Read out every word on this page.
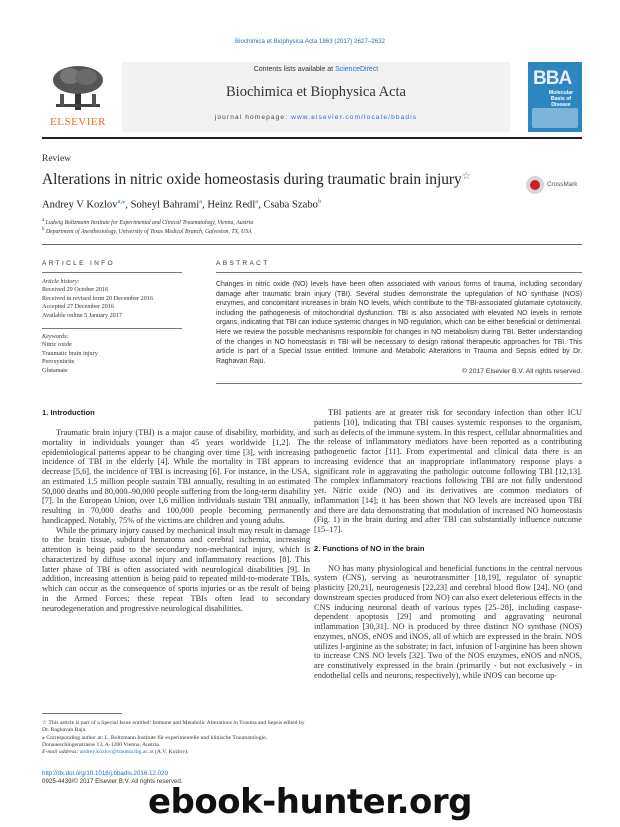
Biochimica et Biophysica Acta 1863 (2017) 2627–2632
ELSEVIER
Contents lists available at ScienceDirect
Biochimica et Biophysica Acta
journal homepage: www.elsevier.com/locate/bbadis
BBA
Molecular Basis of Disease
Review
Alterations in nitric oxide homeostasis during traumatic brain injury☆
CrossMark
Andrey V Kozlov$^{a,⁎}$, Soheyl Bahrami$^a$, Heinz Redl$^a$, Csaba Szabo$^b$
$^a$ Ludwig Boltzmann Institute for Experimental and Clinical Traumatology, Vienna, Austria
$^b$ Department of Anesthesiology, University of Texas Medical Branch, Galveston, TX, USA
ARTICLE INFO
Article history:
Received 29 October 2016
Received in revised form 20 December 2016
Accepted 27 December 2016
Available online 5 January 2017
Keywords:
Nitric oxide
Traumatic brain injury
Peroxynitrite
Glutamate
ABSTRACT
Changes in nitric oxide (NO) levels have been often associated with various forms of trauma, including secondary damage after traumatic brain injury (TBI). Several studies demonstrate the upregulation of NO synthase (NOS) enzymes, and concomitant increases in brain NO levels, which contribute to the TBI-associated glutamate cytotoxicity, including the pathogenesis of mitochondrial dysfunction. TBI is also associated with elevated NO levels in remote organs, indicating that TBI can induce systemic changes in NO regulation, which can be either beneficial or detrimental. Here we review the possible mechanisms responsible for changes in NO metabolism during TBI. Better understanding of the changes in NO homeostasis in TBI will be necessary to design rational therapeutic approaches for TBI. This article is part of a Special Issue entitled: Immune and Metabolic Alterations in Trauma and Sepsis edited by Dr. Raghavan Raju.
© 2017 Elsevier B.V. All rights reserved.
1. Introduction

Traumatic brain injury (TBI) is a major cause of disability, morbidity, and mortality in individuals younger than 45 years worldwide [1,2]. The epidemiological patterns appear to be changing over time [3], with increasing incidence of TBI in the elderly [4]. While the mortality in TBI appears to decrease [5,6], the incidence of TBI is increasing [6]. For instance, in the USA, an estimated 1.5 million people sustain TBI annually, resulting in an estimated 50,000 deaths and 80,000–90,000 people suffering from the long-term disability [7]. In the European Union, over 1,6 million individuals sustain TBI annually, resulting in 70,000 deaths and 100,000 people becoming permanently handicapped. Notably, 75% of the victims are children and young adults.

While the primary injury caused by mechanical insult may result in damage to the brain tissue, subdural hematoma and cerebral ischemia, increasing attention is being paid to the secondary non-mechanical injury, which is characterized by diffuse axonal injury and inflammatory reactions [8]. This latter phase of TBI is often associated with neurological disabilities [9]. In addition, increasing attention is being paid to repeated mild-to-moderate TBIs, which can occur as the consequence of sports injuries or as the result of being in the Armed Forces; these repeat TBIs often lead to secondary neurodegeneration and progressive neurological disabilities.

TBI patients are at greater risk for secondary infection than other ICU patients [10], indicating that TBI causes systemic responses to the organism, such as defects of the immune system. In this respect, cellular abnormalities and the release of inflammatory mediators have been reported as a contributing pathogenetic factor [11]. From experimental and clinical data there is an increasing evidence that an inappropriate inflammatory response plays a significant role in aggravating the pathologic outcome following TBI [12,13]. The complex inflammatory reactions following TBI are not fully understood yet. Nitric oxide (NO) and its derivatives are common mediators of inflammation [14]; it has been shown that NO levels are increased upon TBI and there are data demonstrating that modulation of increased NO homeostasis (Fig. 1) in the brain during and after TBI can substantially influence outcome [15–17].

2. Functions of NO in the brain

NO has many physiological and beneficial functions in the central nervous system (CNS), serving as neurotransmitter [18,19], regulator of synaptic plasticity [20,21], neurogenesis [22,23] and cerebral blood flow [24]. NO (and downstream species produced from NO) can also exert deleterious effects in the CNS inducing neuronal death of various types [25–28], including caspase-dependent apoptosis [29] and promoting and aggravating neuronal inflammation [30,31]. NO is produced by three distinct NO synthase (NOS) enzymes, nNOS, eNOS and iNOS, all of which are expressed in the brain. NOS utilizes l-arginine as the substrate; in fact, infusion of l-arginine has been shown to increase CNS NO levels [32]. Two of the NOS enzymes, eNOS and nNOS, are constitutively expressed in the brain (primarily - but not exclusively - in endothelial cells and neurons, respectively), while iNOS can become up-

☆ This article is part of a Special Issue entitled: Immune and Metabolic Alterations in Trauma and Sepsis edited by Dr. Raghavan Raju.
⁎ Corresponding author at: L. Boltzmann Institute für experimentelle und klinische Traumatologie, Donaueschingenstrasse 13, A-1200 Vienna, Austria.
E-mail address: andrey.kozlov@trauma.lbg.ac.at (A.V. Kozlov).
http://dx.doi.org/10.1016/j.bbadis.2016.12.020
0925-4439/© 2017 Elsevier B.V. All rights reserved.
ebook-hunter.org
